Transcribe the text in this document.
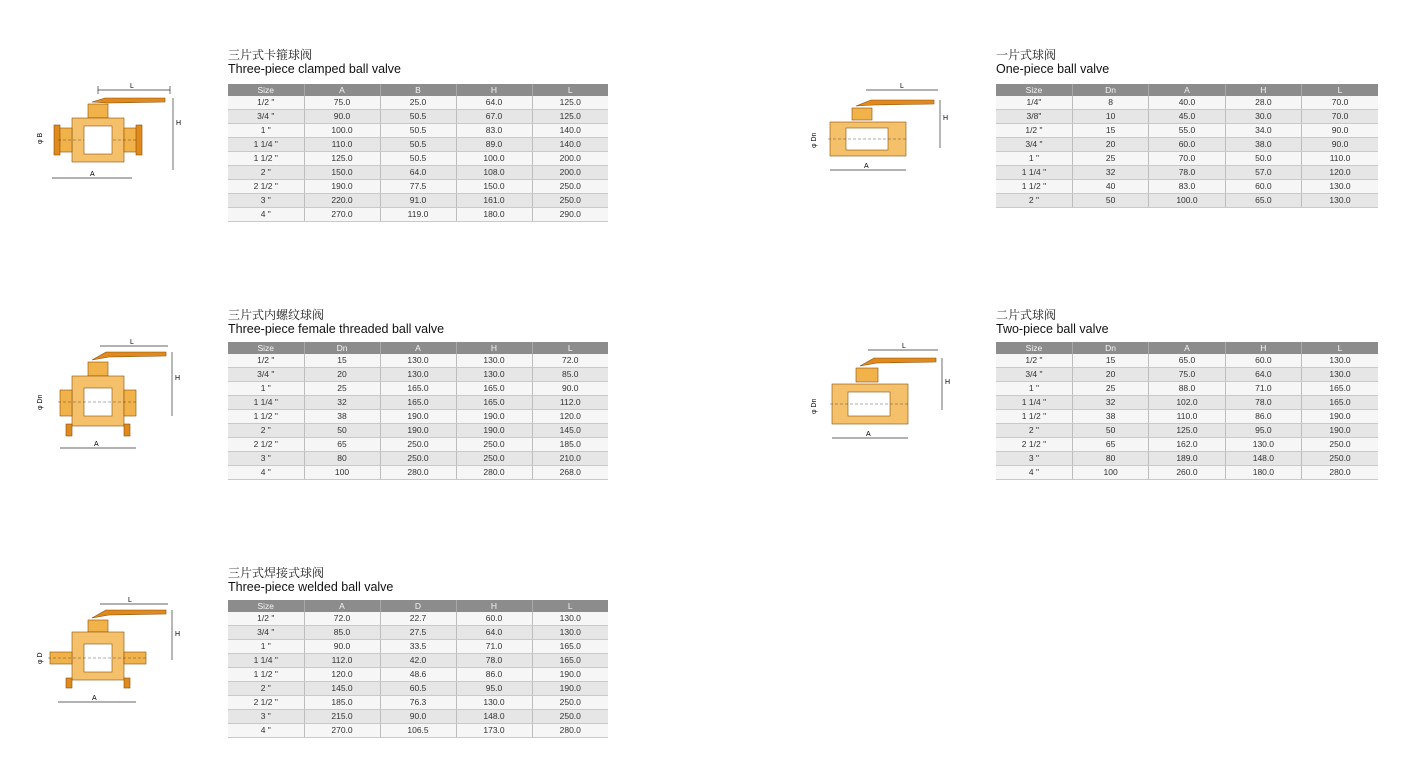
L
H
A
φ B
三片式卡箍球阀
Three-piece clamped ball valve
Size	A	B	H	L
1/2 "	75.0	25.0	64.0	125.0
3/4 "	90.0	50.5	67.0	125.0
1 "	100.0	50.5	83.0	140.0
1 1/4 "	110.0	50.5	89.0	140.0
1 1/2 "	125.0	50.5	100.0	200.0
2 "	150.0	64.0	108.0	200.0
2 1/2 "	190.0	77.5	150.0	250.0
3 "	220.0	91.0	161.0	250.0
4 "	270.0	119.0	180.0	290.0
L
H
A
φ Dn
一片式球阀
One-piece ball valve
Size	Dn	A	H	L
1/4"	8	40.0	28.0	70.0
3/8"	10	45.0	30.0	70.0
1/2 "	15	55.0	34.0	90.0
3/4 "	20	60.0	38.0	90.0
1 "	25	70.0	50.0	110.0
1 1/4 "	32	78.0	57.0	120.0
1 1/2 "	40	83.0	60.0	130.0
2 "	50	100.0	65.0	130.0
L
H
A
φ Dn
三片式内螺纹球阀
Three-piece female threaded ball valve
Size	Dn	A	H	L
1/2 "	15	130.0	130.0	72.0
3/4 "	20	130.0	130.0	85.0
1 "	25	165.0	165.0	90.0
1 1/4 "	32	165.0	165.0	112.0
1 1/2 "	38	190.0	190.0	120.0
2 "	50	190.0	190.0	145.0
2 1/2 "	65	250.0	250.0	185.0
3 "	80	250.0	250.0	210.0
4 "	100	280.0	280.0	268.0
L
H
A
φ Dn
二片式球阀
Two-piece ball valve
Size	Dn	A	H	L
1/2 "	15	65.0	60.0	130.0
3/4 "	20	75.0	64.0	130.0
1 "	25	88.0	71.0	165.0
1 1/4 "	32	102.0	78.0	165.0
1 1/2 "	38	110.0	86.0	190.0
2 "	50	125.0	95.0	190.0
2 1/2 "	65	162.0	130.0	250.0
3 "	80	189.0	148.0	250.0
4 "	100	260.0	180.0	280.0
L
H
A
φ D
三片式焊接式球阀
Three-piece welded ball valve
Size	A	D	H	L
1/2 "	72.0	22.7	60.0	130.0
3/4 "	85.0	27.5	64.0	130.0
1 "	90.0	33.5	71.0	165.0
1 1/4 "	112.0	42.0	78.0	165.0
1 1/2 "	120.0	48.6	86.0	190.0
2 "	145.0	60.5	95.0	190.0
2 1/2 "	185.0	76.3	130.0	250.0
3 "	215.0	90.0	148.0	250.0
4 "	270.0	106.5	173.0	280.0
